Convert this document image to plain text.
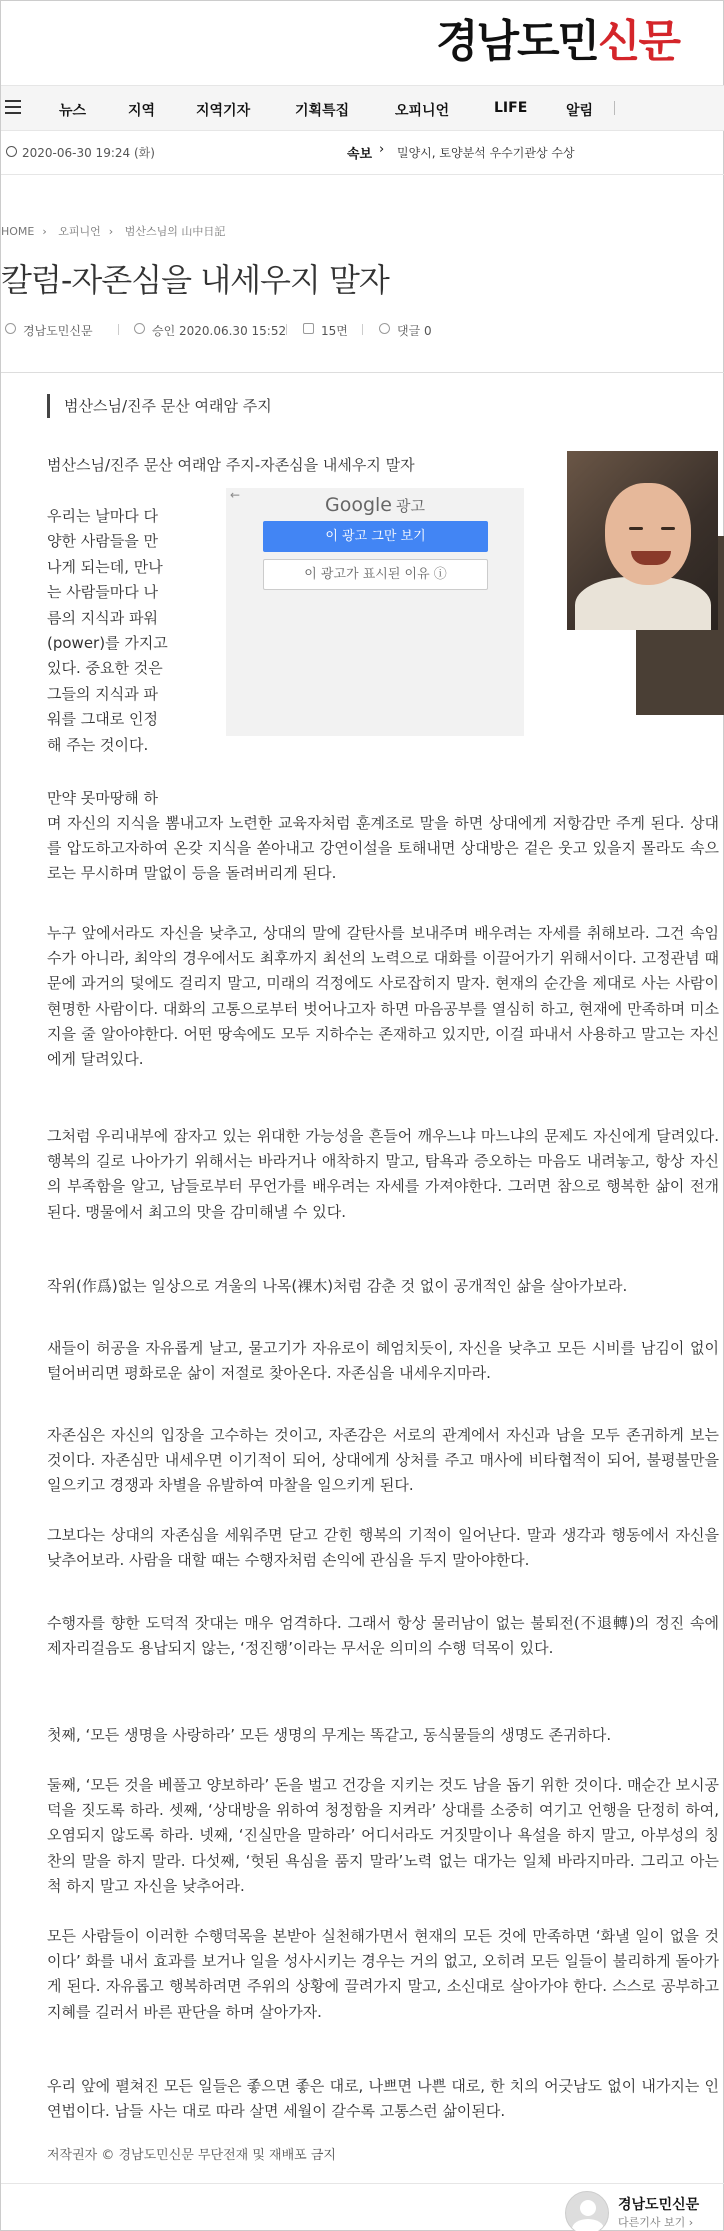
경남도민신문
뉴스	지역	지역기자	기획특집	오피니언	LIFE	알림
2020-06-30 19:24 (화)	속보 › 밀양시, 토양분석 우수기관상 수상
HOME › 오피니언 › 범산스님의 山中日記
칼럼-자존심을 내세우지 말자
경남도민신문	승인 2020.06.30 15:52	15면	댓글 0
범산스님/진주 문산 여래암 주지
범산스님/진주 문산 여래암 주지-자존심을 내세우지 말자
우리는 날마다 다
양한 사람들을 만
나게 되는데, 만나
는 사람들마다 나
름의 지식과 파워
(power)를 가지고
있다. 중요한 것은
그들의 지식과 파
워를 그대로 인정
해 주는 것이다.
←	Google 광고
이 광고 그만 보기
이 광고가 표시된 이유 ⓘ
만약 못마땅해 하
며 자신의 지식을 뽐내고자 노련한 교육자처럼 훈계조로 말을 하면 상대에게 저항감만 주게 된다. 상대를 압도하고자하여 온갖 지식을 쏟아내고 강연이설을 토해내면 상대방은 겉은 웃고 있을지 몰라도 속으로는 무시하며 말없이 등을 돌려버리게 된다.
누구 앞에서라도 자신을 낮추고, 상대의 말에 갈탄사를 보내주며 배우려는 자세를 취해보라. 그건 속임수가 아니라, 최악의 경우에서도 최후까지 최선의 노력으로 대화를 이끌어가기 위해서이다. 고정관념 때문에 과거의 덫에도 걸리지 말고, 미래의 걱정에도 사로잡히지 말자. 현재의 순간을 제대로 사는 사람이 현명한 사람이다. 대화의 고통으로부터 벗어나고자 하면 마음공부를 열심히 하고, 현재에 만족하며 미소 지을 줄 알아야한다. 어떤 땅속에도 모두 지하수는 존재하고 있지만, 이걸 파내서 사용하고 말고는 자신에게 달려있다.
그처럼 우리내부에 잠자고 있는 위대한 가능성을 흔들어 깨우느냐 마느냐의 문제도 자신에게 달려있다. 행복의 길로 나아가기 위해서는 바라거나 애착하지 말고, 탐욕과 증오하는 마음도 내려놓고, 항상 자신의 부족함을 알고, 남들로부터 무언가를 배우려는 자세를 가져야한다. 그러면 참으로 행복한 삶이 전개된다. 맹물에서 최고의 맛을 감미해낼 수 있다.
작위(作爲)없는 일상으로 겨울의 나목(裸木)처럼 감춘 것 없이 공개적인 삶을 살아가보라.
새들이 허공을 자유롭게 날고, 물고기가 자유로이 헤엄치듯이, 자신을 낮추고 모든 시비를 남김이 없이 털어버리면 평화로운 삶이 저절로 찾아온다. 자존심을 내세우지마라.
자존심은 자신의 입장을 고수하는 것이고, 자존감은 서로의 관계에서 자신과 남을 모두 존귀하게 보는 것이다. 자존심만 내세우면 이기적이 되어, 상대에게 상처를 주고 매사에 비타협적이 되어, 불평불만을 일으키고 경쟁과 차별을 유발하여 마찰을 일으키게 된다.
그보다는 상대의 자존심을 세워주면 닫고 갇힌 행복의 기적이 일어난다. 말과 생각과 행동에서 자신을 낮추어보라. 사람을 대할 때는 수행자처럼 손익에 관심을 두지 말아야한다.
수행자를 향한 도덕적 잣대는 매우 엄격하다. 그래서 항상 물러남이 없는 불퇴전(不退轉)의 정진 속에 제자리걸음도 용납되지 않는, ‘정진행’이라는 무서운 의미의 수행 덕목이 있다.
첫째, ‘모든 생명을 사랑하라’ 모든 생명의 무게는 똑같고, 동식물들의 생명도 존귀하다.
둘째, ‘모든 것을 베풀고 양보하라’ 돈을 벌고 건강을 지키는 것도 남을 돕기 위한 것이다. 매순간 보시공덕을 짓도록 하라. 셋째, ‘상대방을 위하여 청정함을 지켜라’ 상대를 소중히 여기고 언행을 단정히 하여, 오염되지 않도록 하라. 넷째, ‘진실만을 말하라’ 어디서라도 거짓말이나 욕설을 하지 말고, 아부성의 칭찬의 말을 하지 말라. 다섯째, ‘헛된 욕심을 품지 말라’노력 없는 대가는 일체 바라지마라. 그리고 아는 척 하지 말고 자신을 낮추어라.
모든 사람들이 이러한 수행덕목을 본받아 실천해가면서 현재의 모든 것에 만족하면 ‘화낼 일이 없을 것이다’ 화를 내서 효과를 보거나 일을 성사시키는 경우는 거의 없고, 오히려 모든 일들이 불리하게 돌아가게 된다. 자유롭고 행복하려면 주위의 상황에 끌려가지 말고, 소신대로 살아가야 한다. 스스로 공부하고 지혜를 길러서 바른 판단을 하며 살아가자.
우리 앞에 펼쳐진 모든 일들은 좋으면 좋은 대로, 나쁘면 나쁜 대로, 한 치의 어긋남도 없이 내가지는 인연법이다. 남들 사는 대로 따라 살면 세월이 갈수록 고통스런 삶이된다.
저작권자 © 경남도민신문 무단전재 및 재배포 금지
경남도민신문
다른기사 보기 ›
